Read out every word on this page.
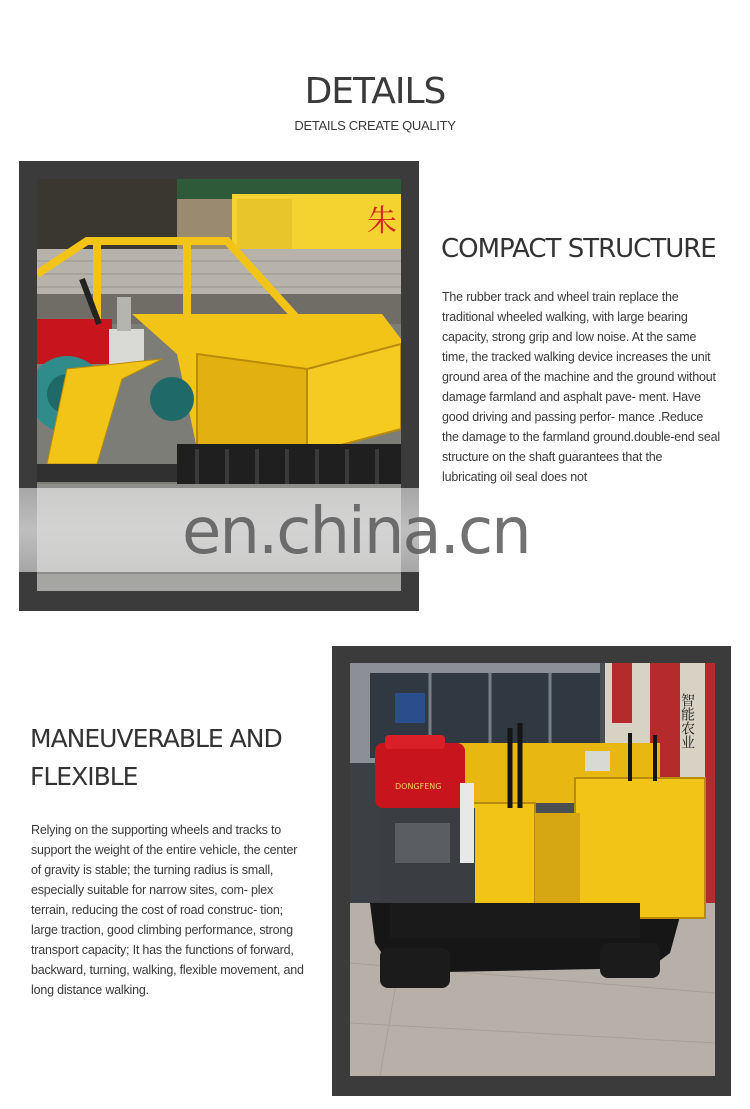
DETAILS
DETAILS CREATE QUALITY
朱
COMPACT STRUCTURE

The rubber track and wheel train replace the traditional wheeled walking, with large bearing capacity, strong grip and low noise. At the same time, the tracked walking device increases the unit ground area of the machine and the ground without damage farmland and asphalt pave- ment. Have good driving and passing perfor- mance .Reduce the damage to the farmland ground.double-end seal structure on the shaft guarantees that the lubricating oil seal does not

en.china.cn
MANEUVERABLE AND FLEXIBLE

Relying on the supporting wheels and tracks to support the weight of the entire vehicle, the center of gravity is stable; the turning radius is small, especially suitable for narrow sites, com- plex terrain, reducing the cost of road construc- tion; large traction, good climbing performance, strong transport capacity; It has the functions of forward, backward, turning, walking, flexible movement, and long distance walking.

智能农业
DONGFENG
